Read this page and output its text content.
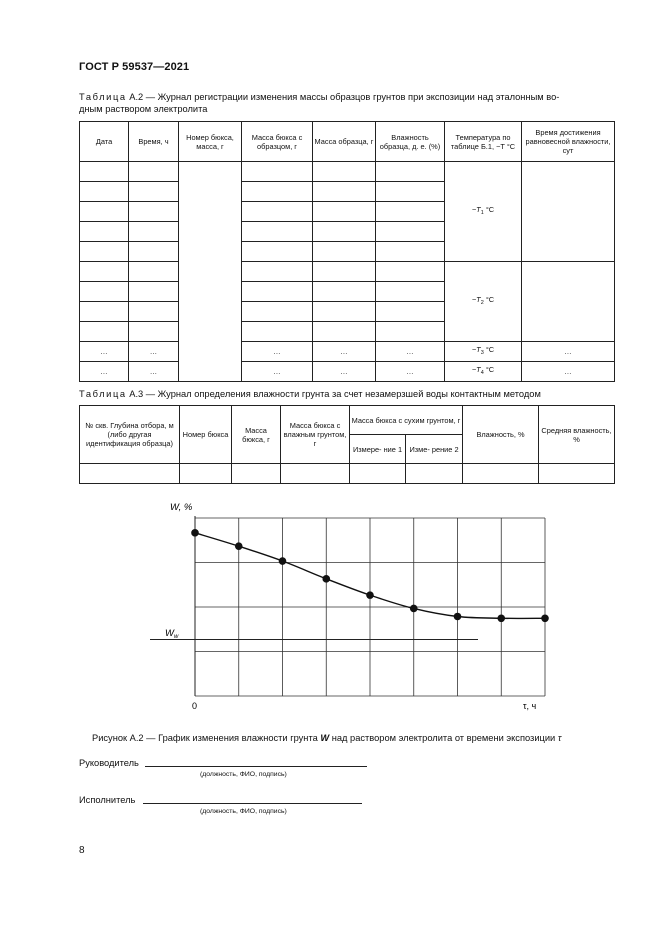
ГОСТ Р 59537—2021
Таблица А.2 — Журнал регистрации изменения массы образцов грунтов при экспозиции над эталонным во-
дным раствором электролита
Дата	Время, ч	Номер бюкса, масса, г	Масса бюкса с образцом, г	Масса образца, г	Влажность образца, д. е. (%)	Температура по таблице Б.1, −T °С	Время достижения равновесной влажности, сут
						$-T_1$ °С	

						$-T_2$ °С	

…	…		…	…	…	$-T_3$ °С	…
…	…		…	…	…	$-T_4$ °С	…
Таблица А.3 — Журнал определения влажности грунта за счет незамерзшей воды контактным методом
№ скв. Глубина отбора, м (либо другая идентификация образца)	Номер бюкса	Масса бюкса, г	Масса бюкса с влажным грунтом, г	Масса бюкса с сухим грунтом, г		Влажность, %	Средняя влажность, %
				Измере- ние 1	Изме- рение 2		

W, %
$W_w$
0	τ, ч
Рисунок А.2 — График изменения влажности грунта W над раствором электролита от времени экспозиции τ
Руководитель
(должность, ФИО, подпись)
Исполнитель
(должность, ФИО, подпись)
8
